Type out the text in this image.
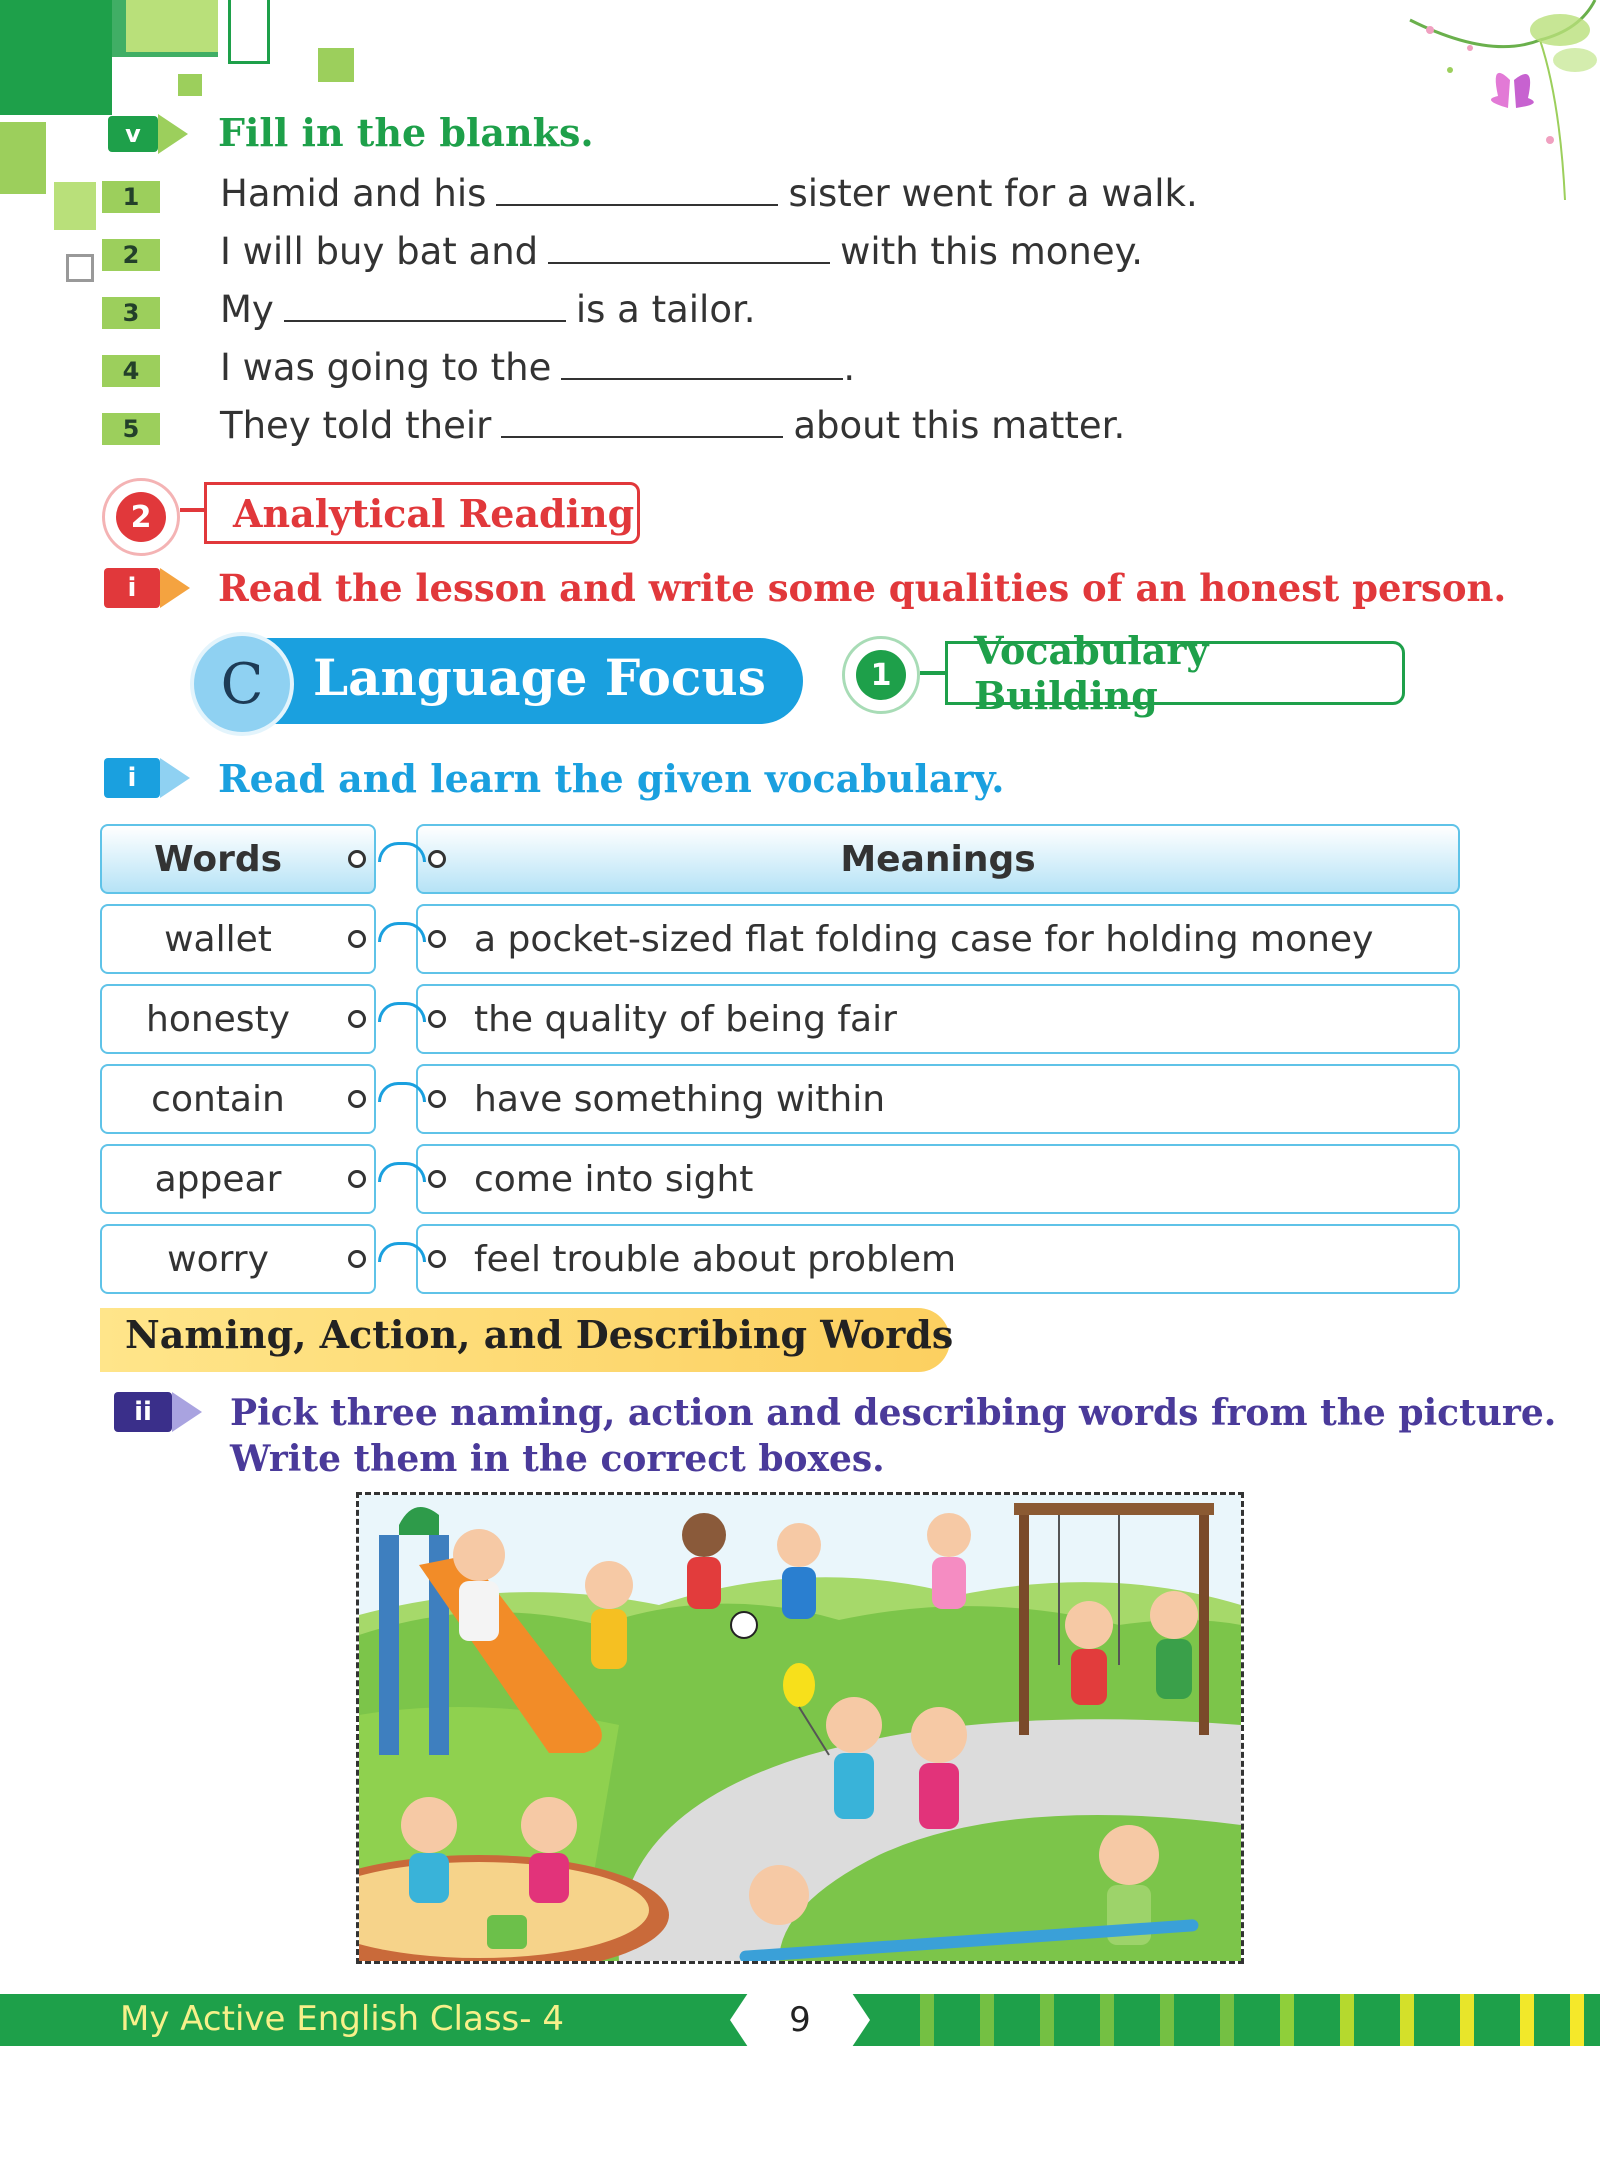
v Fill in the blanks.
1	Hamid and his	sister went for a walk.
2	I will buy bat and	with this money.
3	My	is a tailor.
4	I was going to the	.
5	They told their	about this matter.
2	Analytical Reading
i Read the lesson and write some qualities of an honest person.
C Language Focus	1
Vocabulary Building
i Read and learn the given vocabulary.
Words	Meanings
wallet	a pocket-sized flat folding case for holding money
honesty	the quality of being fair
contain	have something within
appear	come into sight
worry	feel trouble about problem
Naming, Action, and Describing Words
ii Pick three naming, action and describing words from the picture.
Write them in the correct boxes.
My Active English Class- 4	9
